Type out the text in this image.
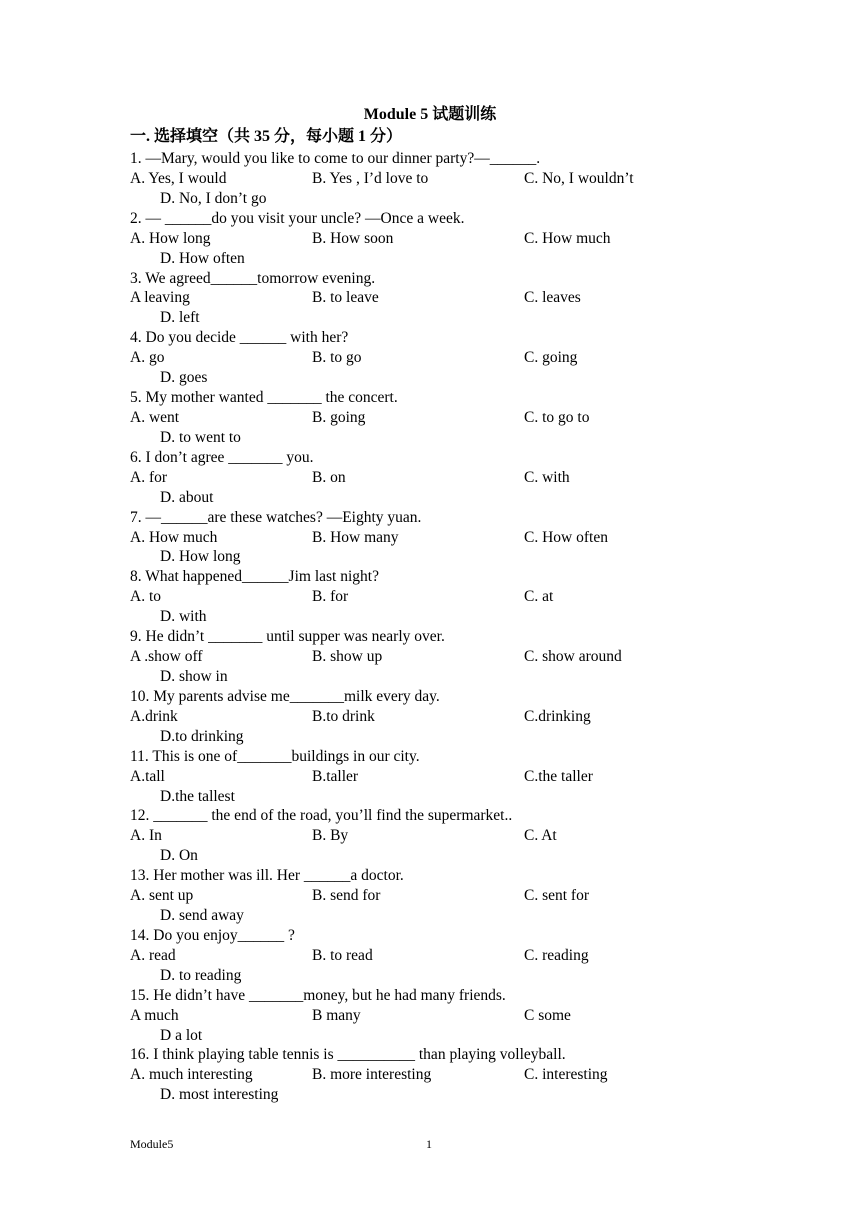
Module 5 试题训练
一. 选择填空（共 35 分，每小题 1 分）
1. —Mary, would you like to come to our dinner party?—______.
A. Yes, I would	B. Yes , I’d love to	C. No, I wouldn’t
D. No, I don’t go
2. — ______do you visit your uncle? —Once a week.
A. How long	B. How soon	C. How much
D. How often
3. We agreed______tomorrow evening.
A leaving	B. to leave	C. leaves
D. left
4. Do you decide ______ with her?
A. go	B. to go	C. going
D. goes
5. My mother wanted _______ the concert.
A. went	B. going	C. to go to
D. to went to
6. I don’t agree _______ you.
A. for	B. on	C. with
D. about
7. —______are these watches? —Eighty yuan.
A. How much	B. How many	C. How often
D. How long
8. What happened______Jim last night?
A. to	B. for	C. at
D. with
9. He didn’t _______ until supper was nearly over.
A .show off	B. show up	C. show around
D. show in
10. My parents advise me_______milk every day.
A.drink	B.to drink	C.drinking
D.to drinking
11. This is one of_______buildings in our city.
A.tall	B.taller	C.the taller
D.the tallest
12. _______ the end of the road, you’ll find the supermarket..
A. In	B. By	C. At
D. On
13. Her mother was ill. Her ______a doctor.
A. sent up	B. send for	C. sent for
D. send away
14. Do you enjoy______ ?
A. read	B. to read	C. reading
D. to reading
15. He didn’t have _______money, but he had many friends.
A much	B many	C some
D a lot
16. I think playing table tennis is __________ than playing volleyball.
A. much interesting	B. more interesting	C. interesting
D. most interesting
Module5	1
